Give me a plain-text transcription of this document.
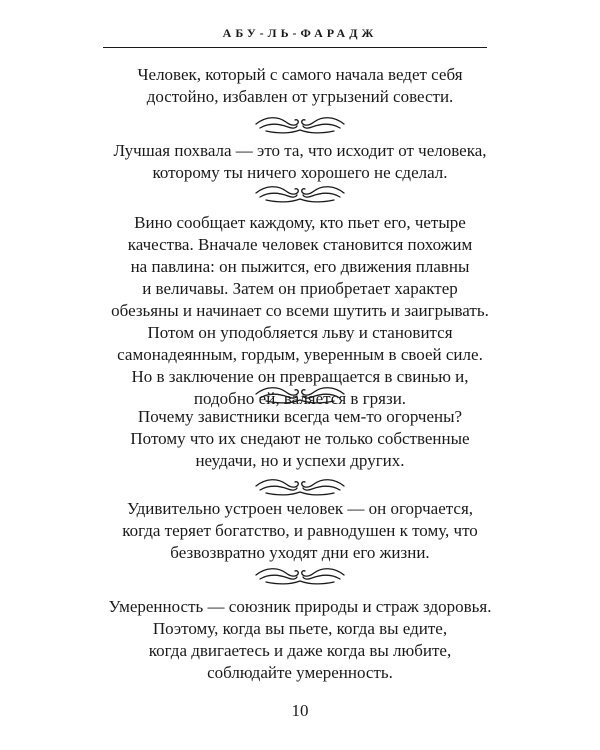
АБУ-ЛЬ-ФАРАДЖ

Человек, который с самого начала ведет себя
достойно, избавлен от угрызений совести.

Лучшая похвала — это та, что исходит от человека,
которому ты ничего хорошего не сделал.

Вино сообщает каждому, кто пьет его, четыре
качества. Вначале человек становится похожим
на павлина: он пыжится, его движения плавны
и величавы. Затем он приобретает характер
обезьяны и начинает со всеми шутить и заигрывать.
Потом он уподобляется льву и становится
самонадеянным, гордым, уверенным в своей силе.
Но в заключение он превращается в свинью и,
подобно ей, валяется в грязи.

Почему завистники всегда чем-то огорчены?
Потому что их снедают не только собственные
неудачи, но и успехи других.

Удивительно устроен человек — он огорчается,
когда теряет богатство, и равнодушен к тому, что
безвозвратно уходят дни его жизни.

Умеренность — союзник природы и страж здоровья.
Поэтому, когда вы пьете, когда вы едите,
когда двигаетесь и даже когда вы любите,
соблюдайте умеренность.

10
